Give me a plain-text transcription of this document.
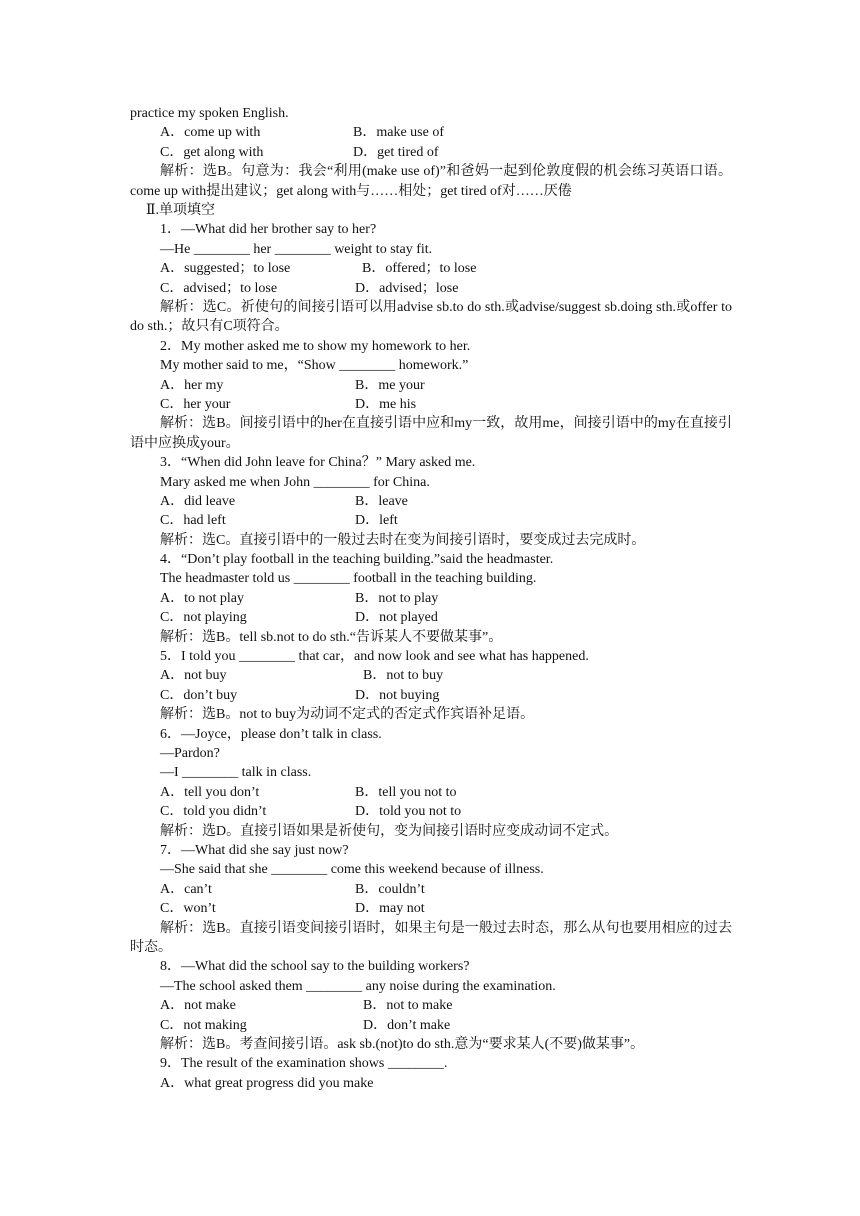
practice my spoken English.
A．come up with	B．make use of
C．get along with	D．get tired of
解析：选B。句意为：我会“利用(make use of)”和爸妈一起到伦敦度假的机会练习英语口语。come up with提出建议；get along with与……相处；get tired of对……厌倦
Ⅱ.单项填空
1．—What did her brother say to her?
—He ________ her ________ weight to stay fit.
A．suggested；to lose	B．offered；to lose
C．advised；to lose	D．advised；lose
解析：选C。祈使句的间接引语可以用advise sb.to do sth.或advise/suggest sb.doing sth.或offer to do sth.；故只有C项符合。
2．My mother asked me to show my homework to her.
My mother said to me，“Show ________ homework.”
A．her my	B．me your
C．her your	D．me his
解析：选B。间接引语中的her在直接引语中应和my一致，故用me，间接引语中的my在直接引语中应换成your。
3．“When did John leave for China？” Mary asked me.
Mary asked me when John ________ for China.
A．did leave	B．leave
C．had left	D．left
解析：选C。直接引语中的一般过去时在变为间接引语时，要变成过去完成时。
4．“Don’t play football in the teaching building.”said the headmaster.
The headmaster told us ________ football in the teaching building.
A．to not play	B．not to play
C．not playing	D．not played
解析：选B。tell sb.not to do sth.“告诉某人不要做某事”。
5．I told you ________ that car，and now look and see what has happened.
A．not buy	B．not to buy
C．don’t buy	D．not buying
解析：选B。not to buy为动词不定式的否定式作宾语补足语。
6．—Joyce，please don’t talk in class.
—Pardon?
—I ________ talk in class.
A．tell you don’t	B．tell you not to
C．told you didn’t	D．told you not to
解析：选D。直接引语如果是祈使句，变为间接引语时应变成动词不定式。
7．—What did she say just now?
—She said that she ________ come this weekend because of illness.
A．can’t	B．couldn’t
C．won’t	D．may not
解析：选B。直接引语变间接引语时，如果主句是一般过去时态，那么从句也要用相应的过去时态。
8．—What did the school say to the building workers?
—The school asked them ________ any noise during the examination.
A．not make	B．not to make
C．not making	D．don’t make
解析：选B。考查间接引语。ask sb.(not)to do sth.意为“要求某人(不要)做某事”。
9．The result of the examination shows ________.
A．what great progress did you make
